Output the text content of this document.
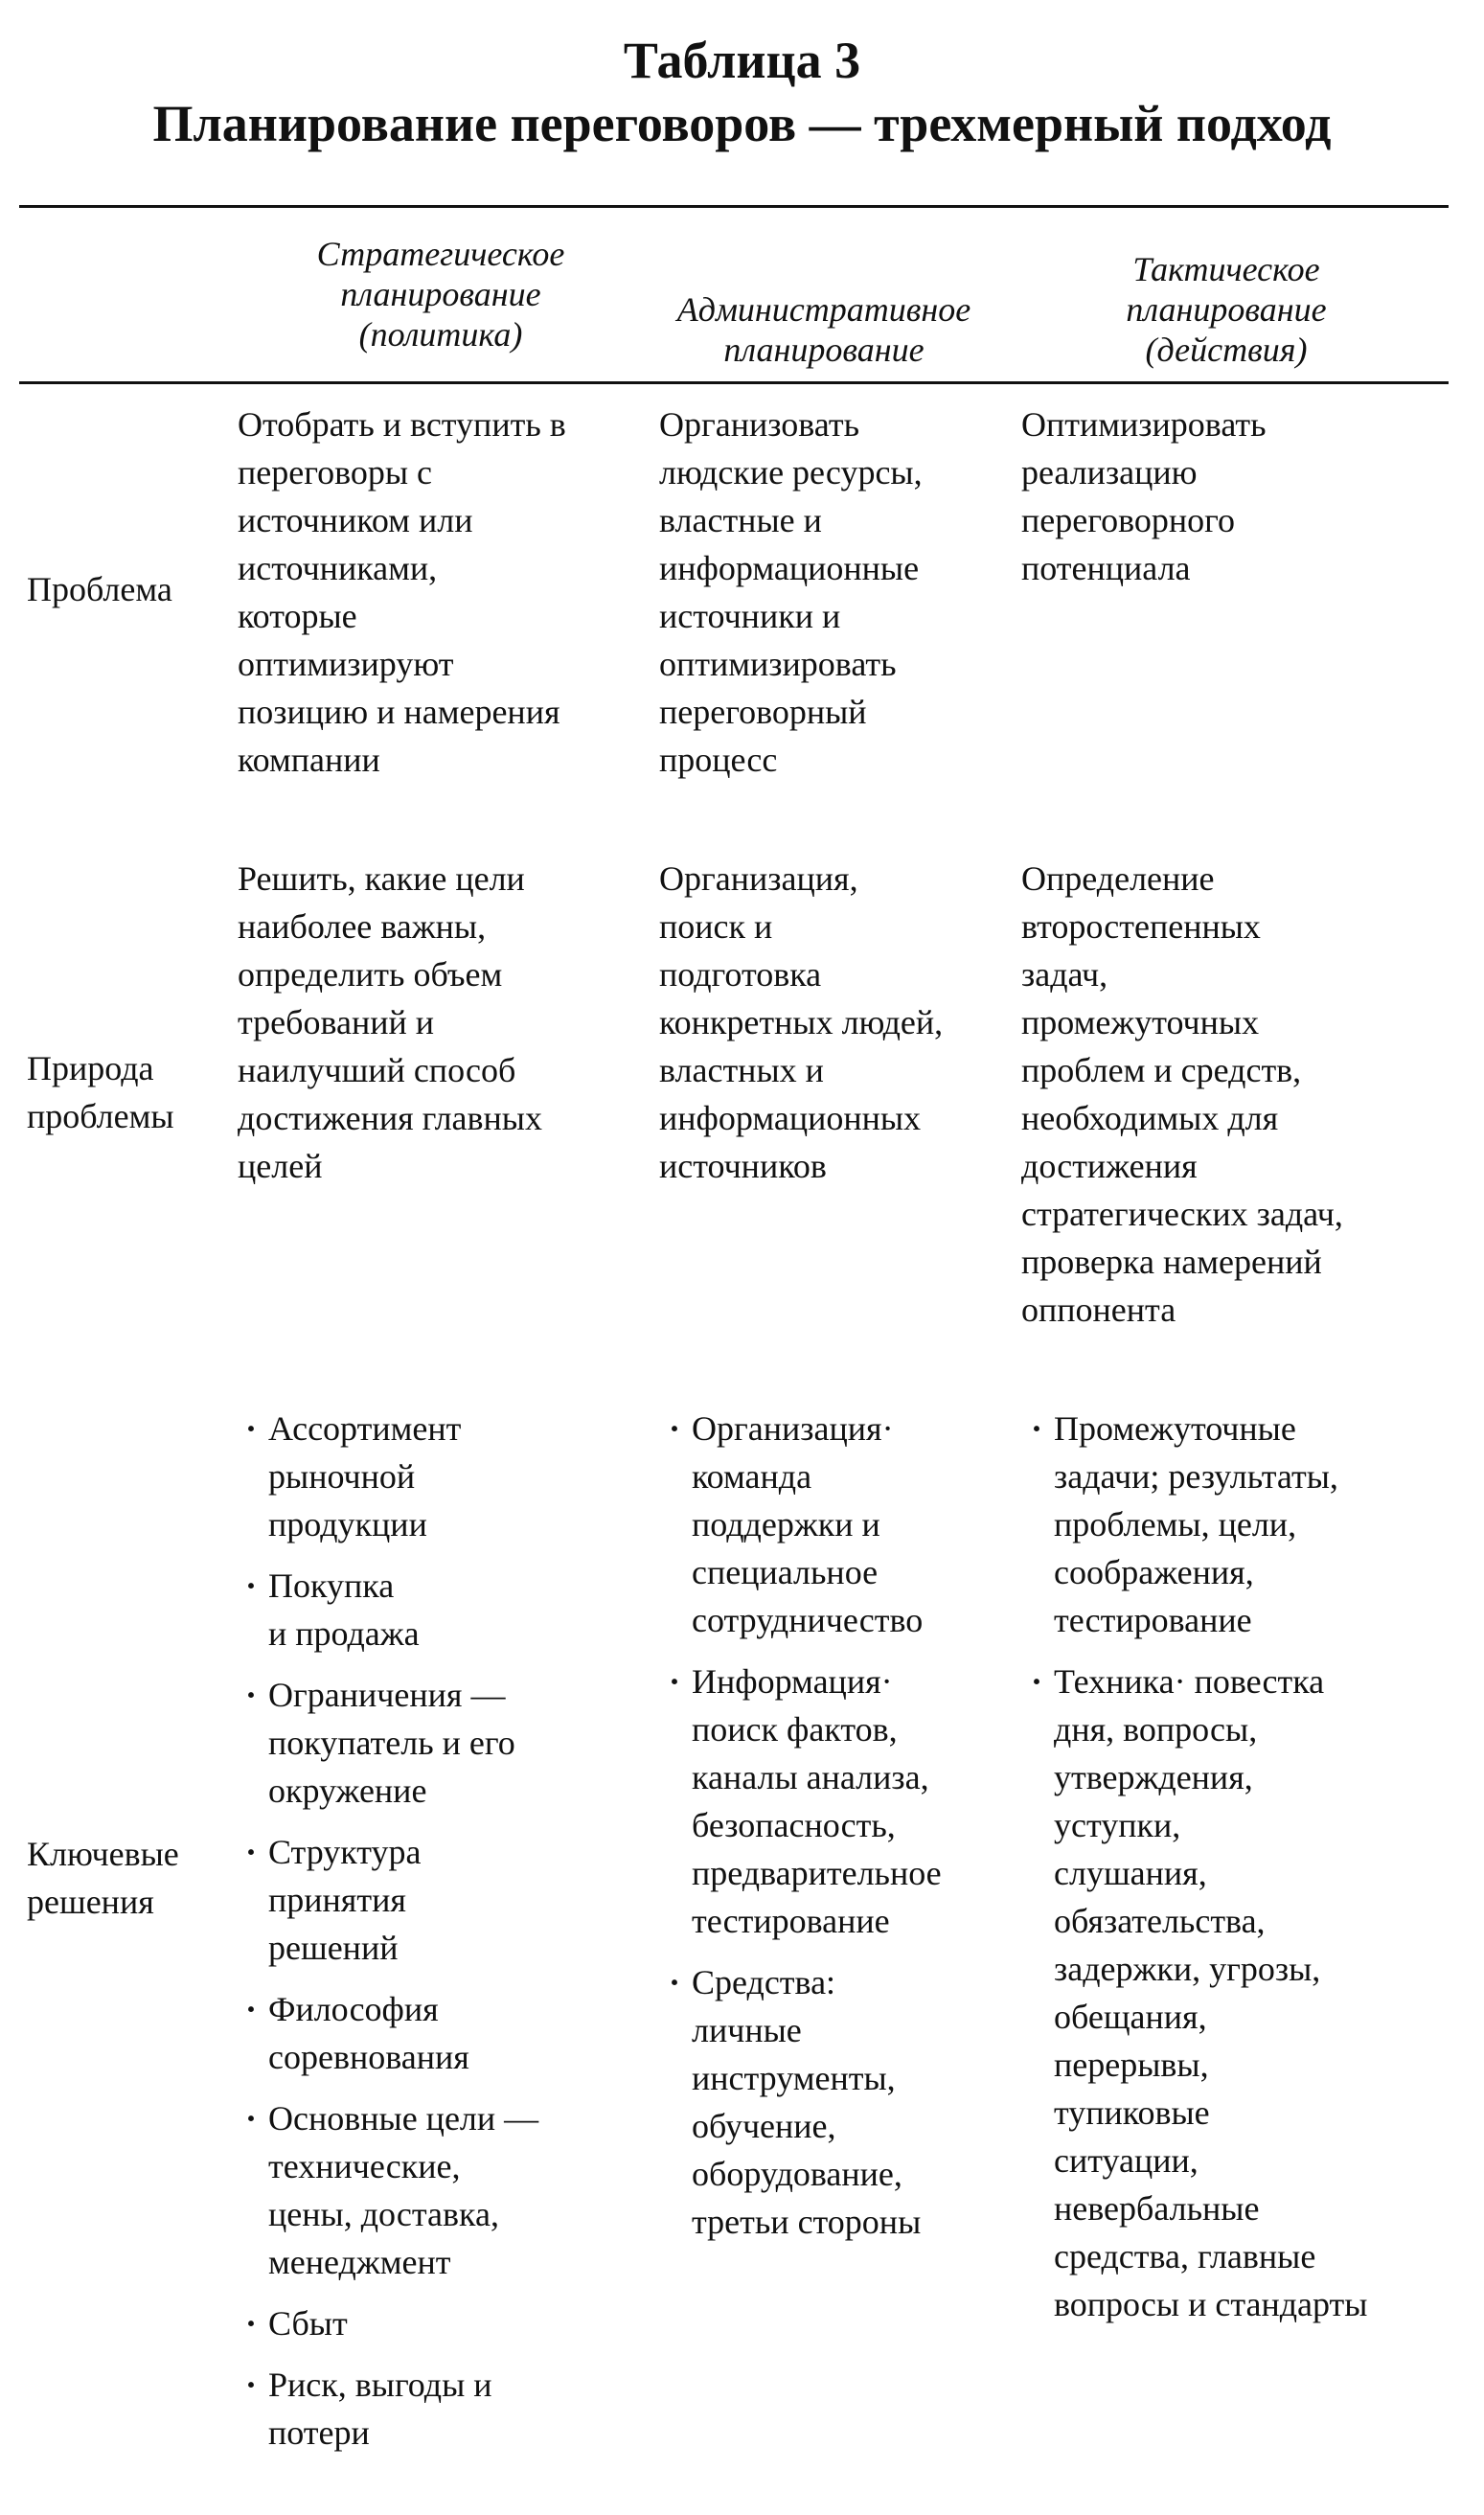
Таблица 3
Планирование переговоров — трехмерный подход
Стратегическое
планирование
(политика)
Административное
планирование
Тактическое
планирование
(действия)
Проблема
Отобрать и вступить в
переговоры с
источником или
источниками,
которые
оптимизируют
позицию и намерения
компании
Организовать
людские ресурсы,
властные и
информационные
источники и
оптимизировать
переговорный
процесс
Оптимизировать
реализацию
переговорного
потенциала
Природа
проблемы
Решить, какие цели
наиболее важны,
определить объем
требований и
наилучший способ
достижения главных
целей
Организация,
поиск и
подготовка
конкретных людей,
властных и
информационных
источников
Определение
второстепенных
задач,
промежуточных
проблем и средств,
необходимых для
достижения
стратегических задач,
проверка намерений
оппонента
Ключевые
решения
· Ассортимент
рыночной
продукции
· Покупка
и продажа
· Ограничения —
покупатель и его
окружение
· Структура
принятия
решений
· Философия
соревнования
· Основные цели —
технические,
цены, доставка,
менеджмент
· Сбыт
· Риск, выгоды и
потери
· Организация·
команда
поддержки и
специальное
сотрудничество
· Информация·
поиск фактов,
каналы анализа,
безопасность,
предварительное
тестирование
· Средства:
личные
инструменты,
обучение,
оборудование,
третьи стороны
· Промежуточные
задачи; результаты,
проблемы, цели,
соображения,
тестирование
· Техника· повестка
дня, вопросы,
утверждения,
уступки,
слушания,
обязательства,
задержки, угрозы,
обещания,
перерывы,
тупиковые
ситуации,
невербальные
средства, главные
вопросы и стандарты
